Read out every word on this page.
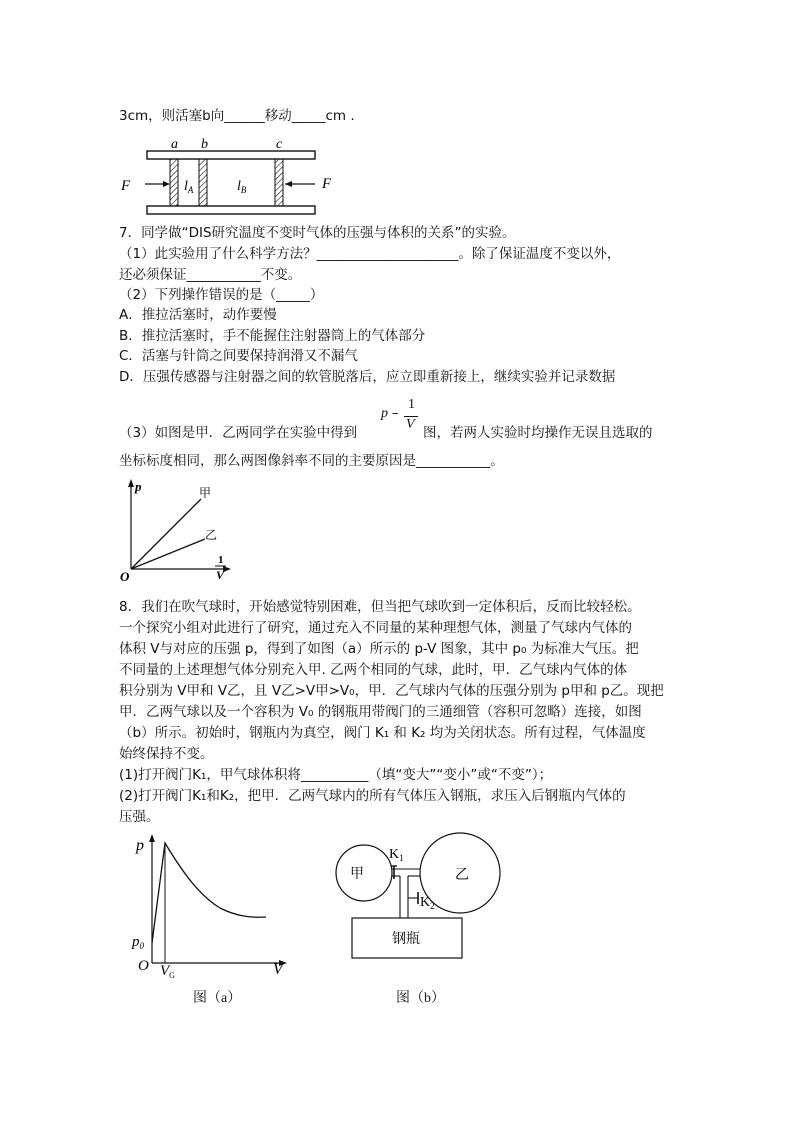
3cm，则活塞b向______移动_____cm .
a b	c
F	F
$l_A$	$l_B$
7．同学做“DIS研究温度不变时气体的压强与体积的关系”的实验。
（1）此实验用了什么科学方法？_____________________。除了保证温度不变以外，
还必须保证___________不变。
（2）下列操作错误的是（_____）
A．推拉活塞时，动作要慢
B．推拉活塞时，手不能握住注射器筒上的气体部分
C．活塞与针筒之间要保持润滑又不漏气
D．压强传感器与注射器之间的软管脱落后，应立即重新接上，继续实验并记录数据
（3）如图是甲．乙两同学在实验中得到
p –
1
V
图，若两人实验时均操作无误且选取的
坐标标度相同，那么两图像斜率不同的主要原因是___________。
p	甲
乙
O
1
V
8．我们在吹气球时，开始感觉特别困难，但当把气球吹到一定体积后，反而比较轻松。
一个探究小组对此进行了研究，通过充入不同量的某种理想气体，测量了气球内气体的
体积 V与对应的压强 p，得到了如图（a）所示的 p-V 图象，其中 p₀ 为标准大气压。把
不同量的上述理想气体分别充入甲. 乙两个相同的气球，此时，甲．乙气球内气体的体
积分别为 V甲和 V乙，且 V乙>V甲>V₀，甲．乙气球内气体的压强分别为 p甲和 p乙。现把
甲．乙两气球以及一个容积为 V₀ 的钢瓶用带阀门的三通细管（容积可忽略）连接，如图
（b）所示。初始时，钢瓶内为真空，阀门 K₁ 和 K₂ 均为关闭状态。所有过程，气体温度
始终保持不变。
(1)打开阀门K₁，甲气球体积将__________（填“变大”“变小”或“不变”）；
(2)打开阀门K₁和K₂，把甲．乙两气球内的所有气体压入钢瓶，求压入后钢瓶内气体的
压强。
p
$p_0$
O $V_G$	V
图（a）
甲	乙
$K_1$
$K_2$
钢瓶
图（b）
